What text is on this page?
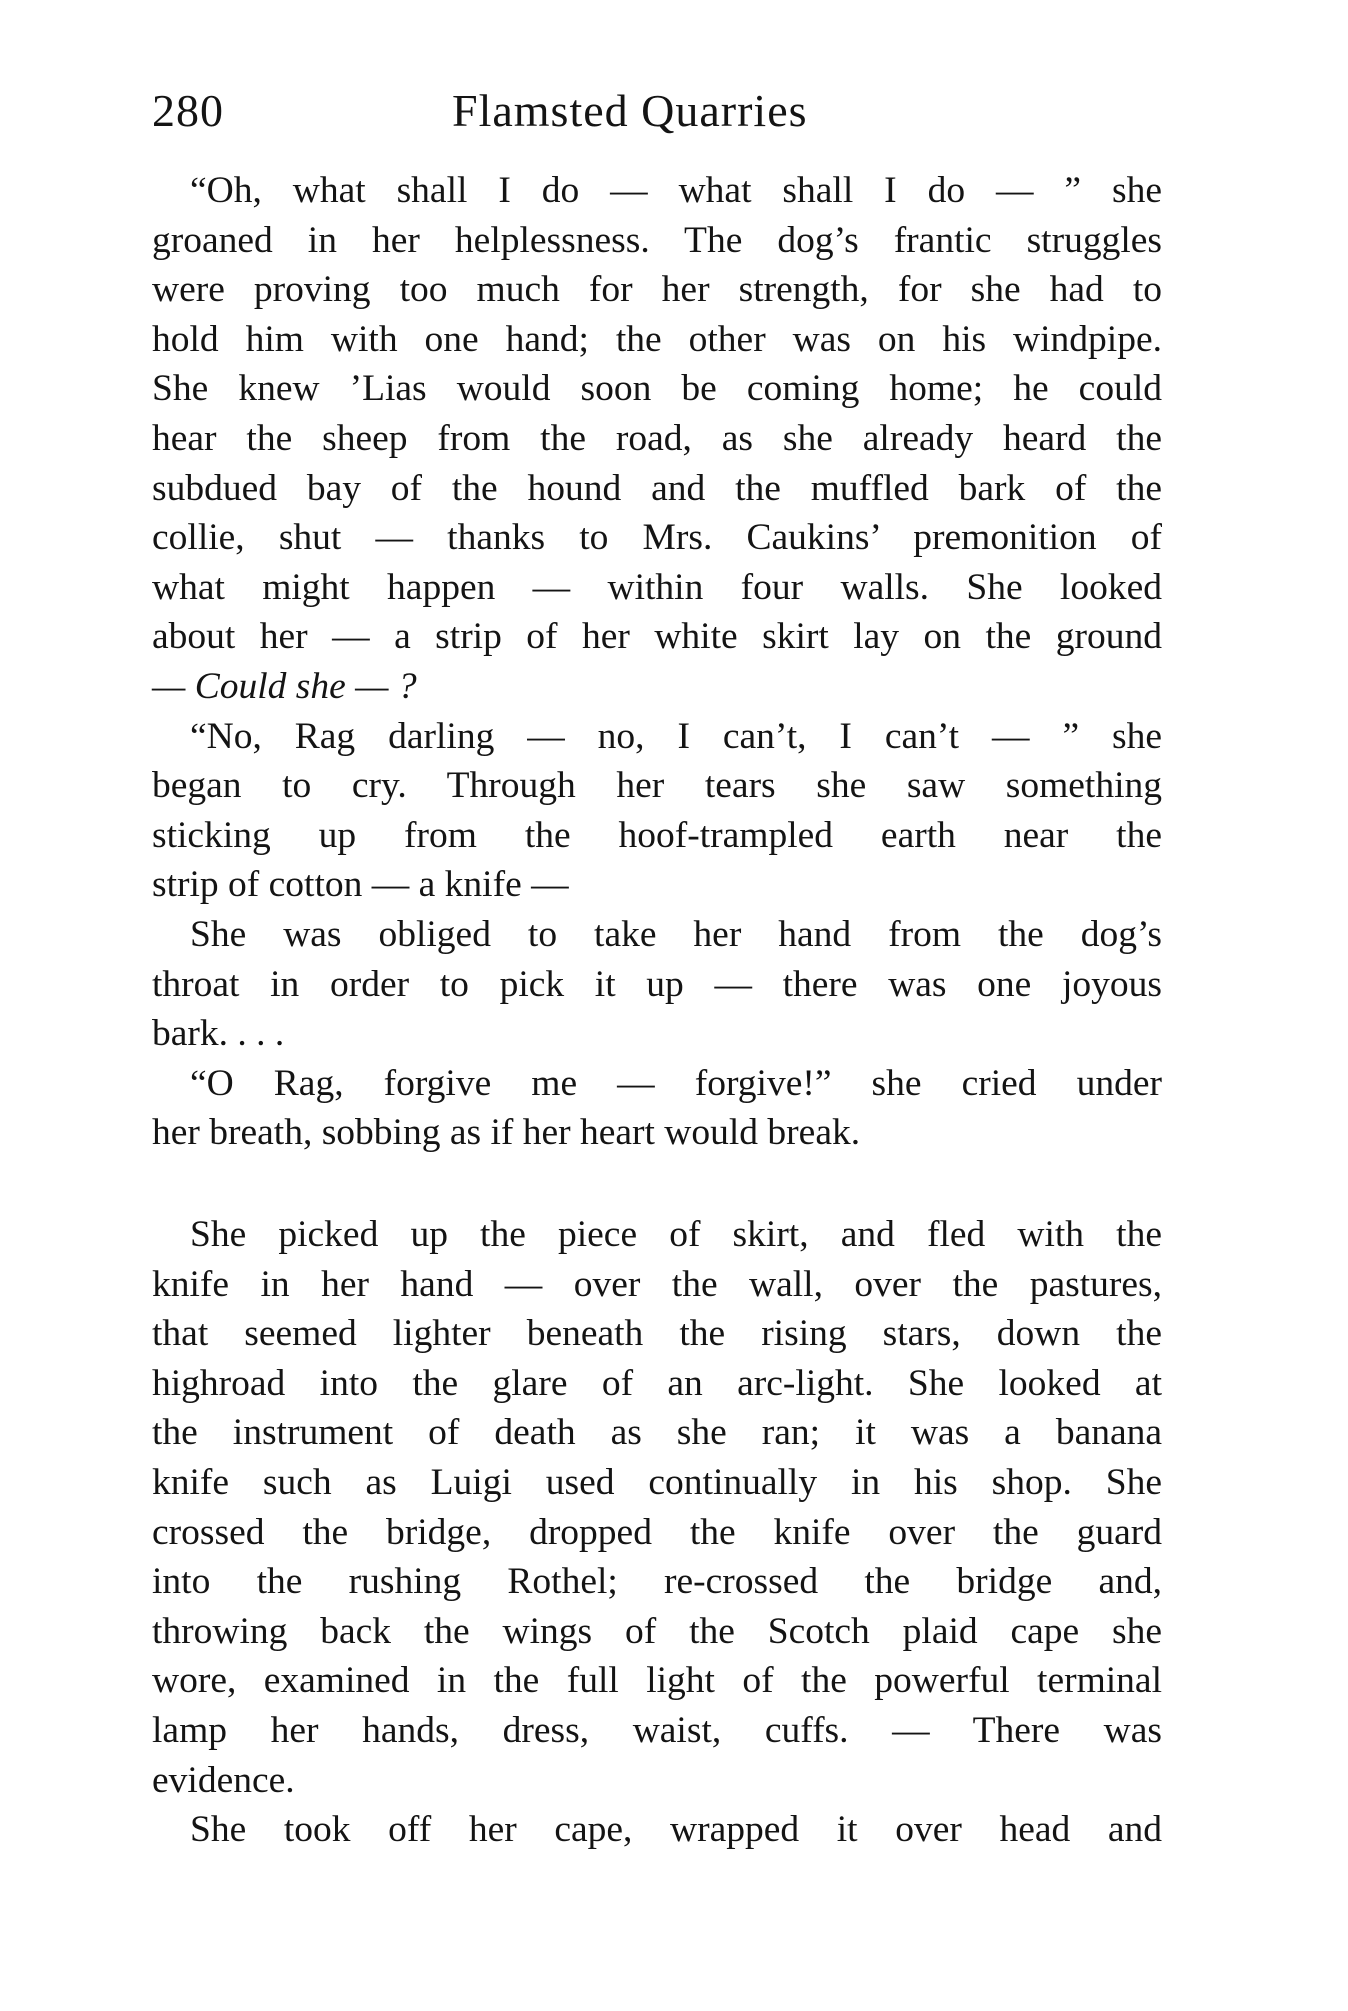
280	Flamsted Quarries

“Oh, what shall I do — what shall I do — ” she

groaned in her helplessness. The dog’s frantic struggles

were proving too much for her strength, for she had to

hold him with one hand; the other was on his windpipe.

She knew ’Lias would soon be coming home; he could

hear the sheep from the road, as she already heard the

subdued bay of the hound and the muffled bark of the

collie, shut — thanks to Mrs. Caukins’ premonition of

what might happen — within four walls. She looked

about her — a strip of her white skirt lay on the ground

— Could she — ?

“No, Rag darling — no, I can’t, I can’t — ” she

began to cry. Through her tears she saw something

sticking up from the hoof-trampled earth near the

strip of cotton — a knife —

She was obliged to take her hand from the dog’s

throat in order to pick it up — there was one joyous

bark. . . .

“O Rag, forgive me — forgive!” she cried under

her breath, sobbing as if her heart would break.

She picked up the piece of skirt, and fled with the

knife in her hand — over the wall, over the pastures,

that seemed lighter beneath the rising stars, down the

highroad into the glare of an arc-light. She looked at

the instrument of death as she ran; it was a banana

knife such as Luigi used continually in his shop. She

crossed the bridge, dropped the knife over the guard

into the rushing Rothel; re-crossed the bridge and,

throwing back the wings of the Scotch plaid cape she

wore, examined in the full light of the powerful terminal

lamp her hands, dress, waist, cuffs. — There was

evidence.

She took off her cape, wrapped it over head and
